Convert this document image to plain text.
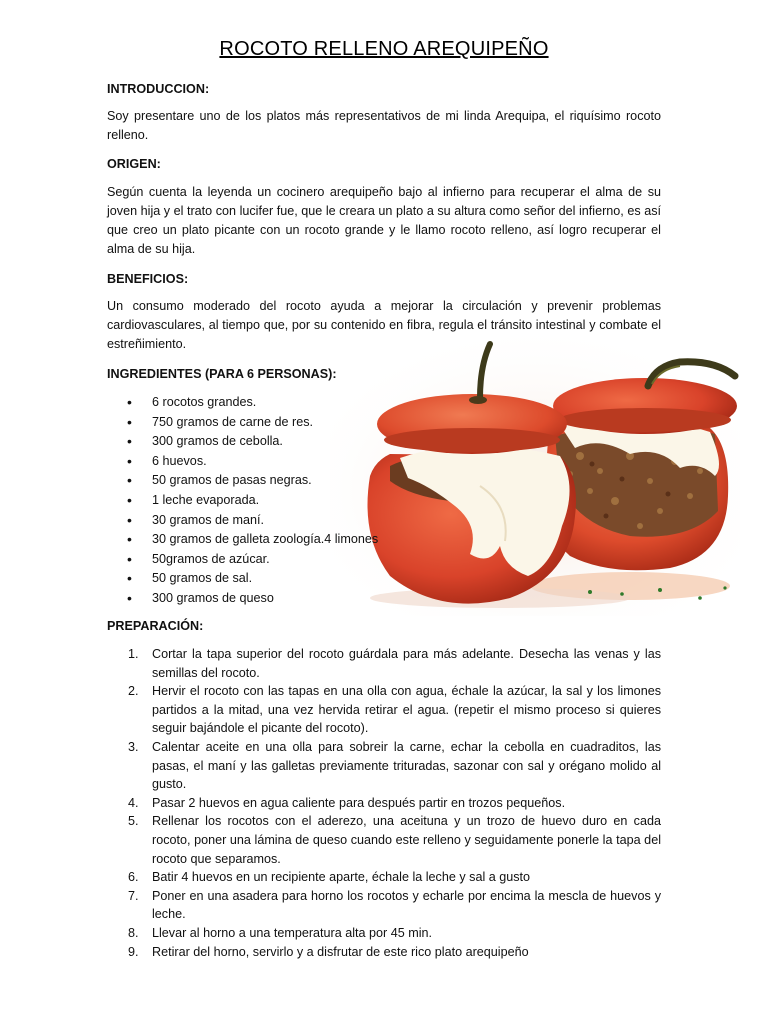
ROCOTO RELLENO AREQUIPEÑO
INTRODUCCION:
Soy presentare uno de los platos más representativos de mi linda Arequipa, el riquísimo rocoto relleno.
ORIGEN:
Según cuenta la leyenda un cocinero arequipeño bajo al infierno para recuperar el alma de su joven hija y el trato con lucifer fue, que le creara un plato a su altura como señor del infierno, es así que creo un plato picante con un rocoto grande y le llamo rocoto relleno, así logro recuperar el alma de su hija.
BENEFICIOS:
Un consumo moderado del rocoto ayuda a mejorar la circulación y prevenir problemas cardiovasculares, al tiempo que, por su contenido en fibra, regula el tránsito intestinal y combate el estreñimiento.
INGREDIENTES (PARA 6 PERSONAS):
• 6 rocotos grandes.
• 750 gramos de carne de res.
• 300 gramos de cebolla.
• 6 huevos.
• 50 gramos de pasas negras.
• 1 leche evaporada.
• 30 gramos de maní.
• 30 gramos de galleta zoología.4 limones
• 50gramos de azúcar.
• 50 gramos de sal.
• 300 gramos de queso
PREPARACIÓN:
1. Cortar la tapa superior del rocoto guárdala para más adelante. Desecha las venas y las semillas del rocoto.
2. Hervir el rocoto con las tapas en una olla con agua, échale la azúcar, la sal y los limones partidos a la mitad, una vez hervida retirar el agua. (repetir el mismo proceso si quieres seguir bajándole el picante del rocoto).
3. Calentar aceite en una olla para sobreir la carne, echar la cebolla en cuadraditos, las pasas, el maní y las galletas previamente trituradas, sazonar con sal y orégano molido al gusto.
4. Pasar 2 huevos en agua caliente para después partir en trozos pequeños.
5. Rellenar los rocotos con el aderezo, una aceituna y un trozo de huevo duro en cada rocoto, poner una lámina de queso cuando este relleno y seguidamente ponerle la tapa del rocoto que separamos.
6. Batir 4 huevos en un recipiente aparte, échale la leche y sal a gusto
7. Poner en una asadera para horno los rocotos y echarle por encima la mescla de huevos y leche.
8. Llevar al horno a una temperatura alta por 45 min.
9. Retirar del horno, servirlo y a disfrutar de este rico plato arequipeño
